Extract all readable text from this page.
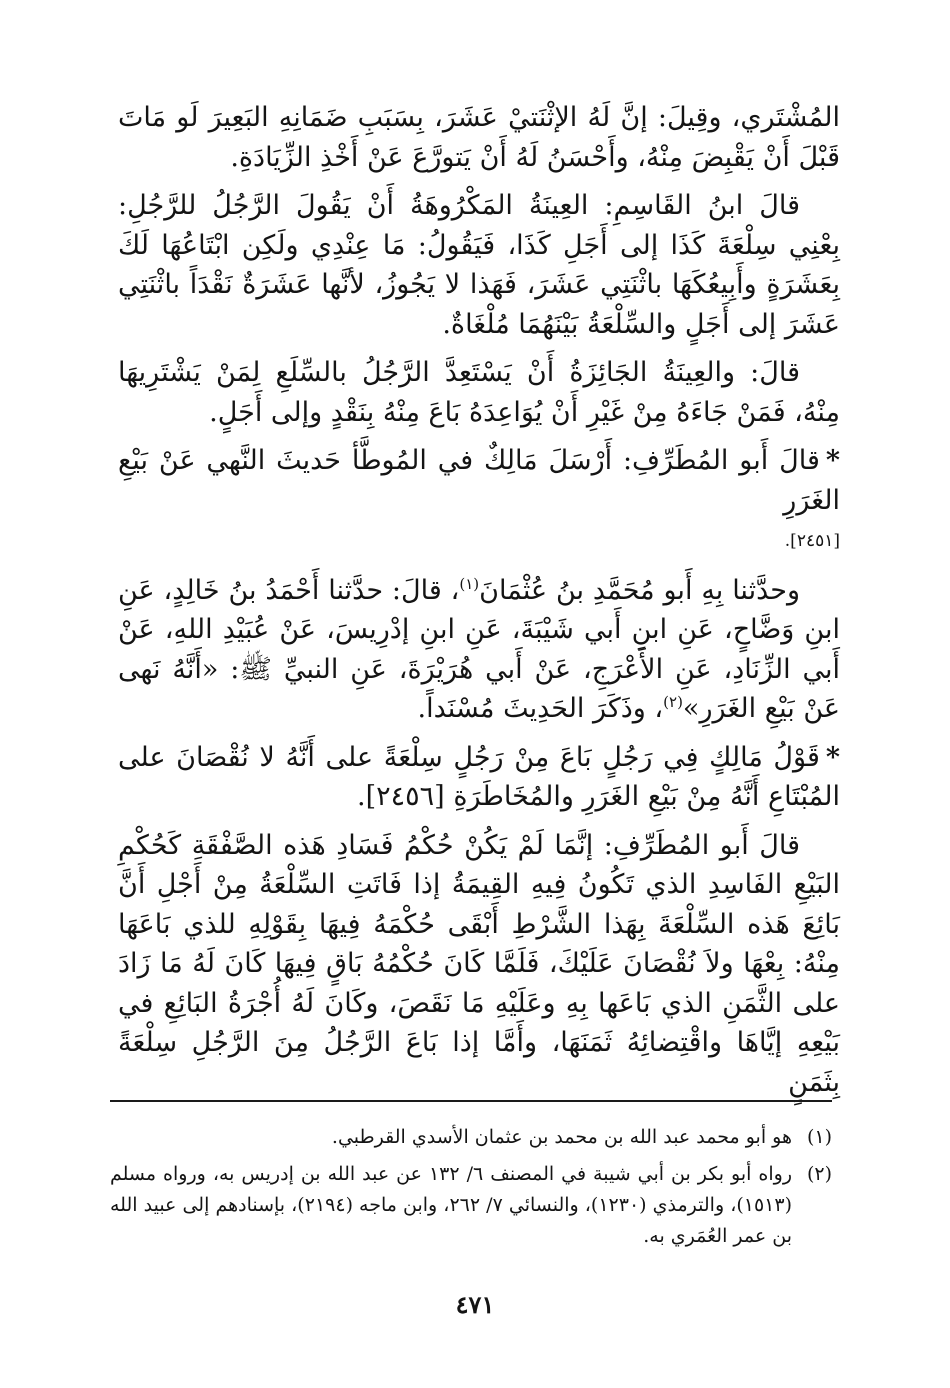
المُشْتَري، وقِيلَ: إنَّ لَهُ الإثْنَتيْ عَشَرَ، بِسَبَبِ ضَمَانِهِ البَعِيرَ لَو مَاتَ قَبْلَ أَنْ يَقْبِضَ مِنْهُ، وأَحْسَنُ لَهُ أَنْ يَتورَّعَ عَنْ أَخْذِ الزِّيَادَةِ.

قالَ ابنُ القَاسِمِ: العِينَةُ المَكْرُوهَةُ أَنْ يَقُولَ الرَّجُلُ للرَّجُلِ: بِعْنِي سِلْعَةَ كَذَا إلى أَجَلِ كَذَا، فَيَقُولُ: مَا عِنْدِي ولَكِن ابْتَاعُهَا لَكَ بِعَشَرَةٍ وأَبِيعُكَهَا باثْنَتِي عَشَرَ، فَهَذا لا يَجُوزُ، لأنَّها عَشَرَةٌ نَقْدَاً باثْنَتِي عَشَرَ إلى أَجَلٍ والسِّلْعَةُ بَيْنَهُمَا مُلْغَاةٌ.

قالَ: والعِينَةُ الجَائِزَةُ أَنْ يَسْتَعِدَّ الرَّجُلُ بالسِّلَعِ لِمَنْ يَشْتَرِيهَا مِنْهُ، فَمَنْ جَاءَهُ مِنْ غَيْرِ أَنْ يُوَاعِدَهُ بَاعَ مِنْهُ بِنَقْدٍ وإلى أَجَلٍ.

*قالَ أَبو المُطَرِّفِ: أَرْسَلَ مَالِكٌ في المُوطَّأ حَديثَ النَّهي عَنْ بَيْعِ الغَرَرِ
[٢٤٥١].

وحدَّثنا بِهِ أَبو مُحَمَّدِ بنُ عُثْمَانَ$^{(١)}$، قالَ: حدَّثنا أَحْمَدُ بنُ خَالِدٍ، عَنِ ابنِ وَضَّاحٍ، عَنِ ابنِ أَبي شَيْبَةَ، عَنِ ابنِ إدْرِيسَ، عَنْ عُبَيْدِ اللهِ، عَنْ أَبي الزِّنَادِ، عَنِ الأَعْرَجِ، عَنْ أَبي هُرَيْرَةَ، عَنِ النبيِّ ﷺ: «أَنَّهُ نَهى عَنْ بَيْعِ الغَرَرِ»$^{(٢)}$، وذَكَرَ الحَدِيثَ مُسْنَداً.

*قَوْلُ مَالِكٍ فِي رَجُلٍ بَاعَ مِنْ رَجُلٍ سِلْعَةً على أَنَّهُ لا نُقْصَانَ على المُبْتَاعِ أَنَّهُ مِنْ بَيْعِ الغَرَرِ والمُخَاطَرَةِ [٢٤٥٦].

قالَ أَبو المُطَرِّفِ: إنَّمَا لَمْ يَكُنْ حُكْمُ فَسَادِ هَذه الصَّفْقَةِ كَحُكْمِ البَيْعِ الفَاسِدِ الذي تَكُونُ فِيهِ القِيمَةُ إذا فَاتَتِ السِّلْعَةُ مِنْ أَجْلِ أَنَّ بَائِعَ هَذه السِّلْعَةَ بِهَذا الشَّرْطِ أَبْقَى حُكْمَهُ فِيهَا بِقَوْلِهِ للذي بَاعَهَا مِنْهُ: بِعْهَا ولاَ نُقْصَانَ عَلَيْكَ، فَلَمَّا كَانَ حُكْمُهُ بَاقٍ فِيهَا كَانَ لَهُ مَا زَادَ على الثَّمَنِ الذي بَاعَها بِهِ وعَلَيْهِ مَا نَقَصَ، وكَانَ لَهُ أُجْرَةُ البَائِعِ في بَيْعِهِ إيَّاهَا واقْتِضائِهُ ثَمَنَهَا، وأَمَّا إذا بَاعَ الرَّجُلُ مِنَ الرَّجُلِ سِلْعَةً بِثَمَنٍ

(١)
هو أبو محمد عبد الله بن محمد بن عثمان الأسدي القرطبي.
(٢)
رواه أبو بكر بن أبي شيبة في المصنف ٦/ ١٣٢ عن عبد الله بن إدريس به، ورواه مسلم (١٥١٣)، والترمذي (١٢٣٠)، والنسائي ٧/ ٢٦٢، وابن ماجه (٢١٩٤)، بإسنادهم إلى عبيد الله بن عمر العُمَري به.
٤٧١
